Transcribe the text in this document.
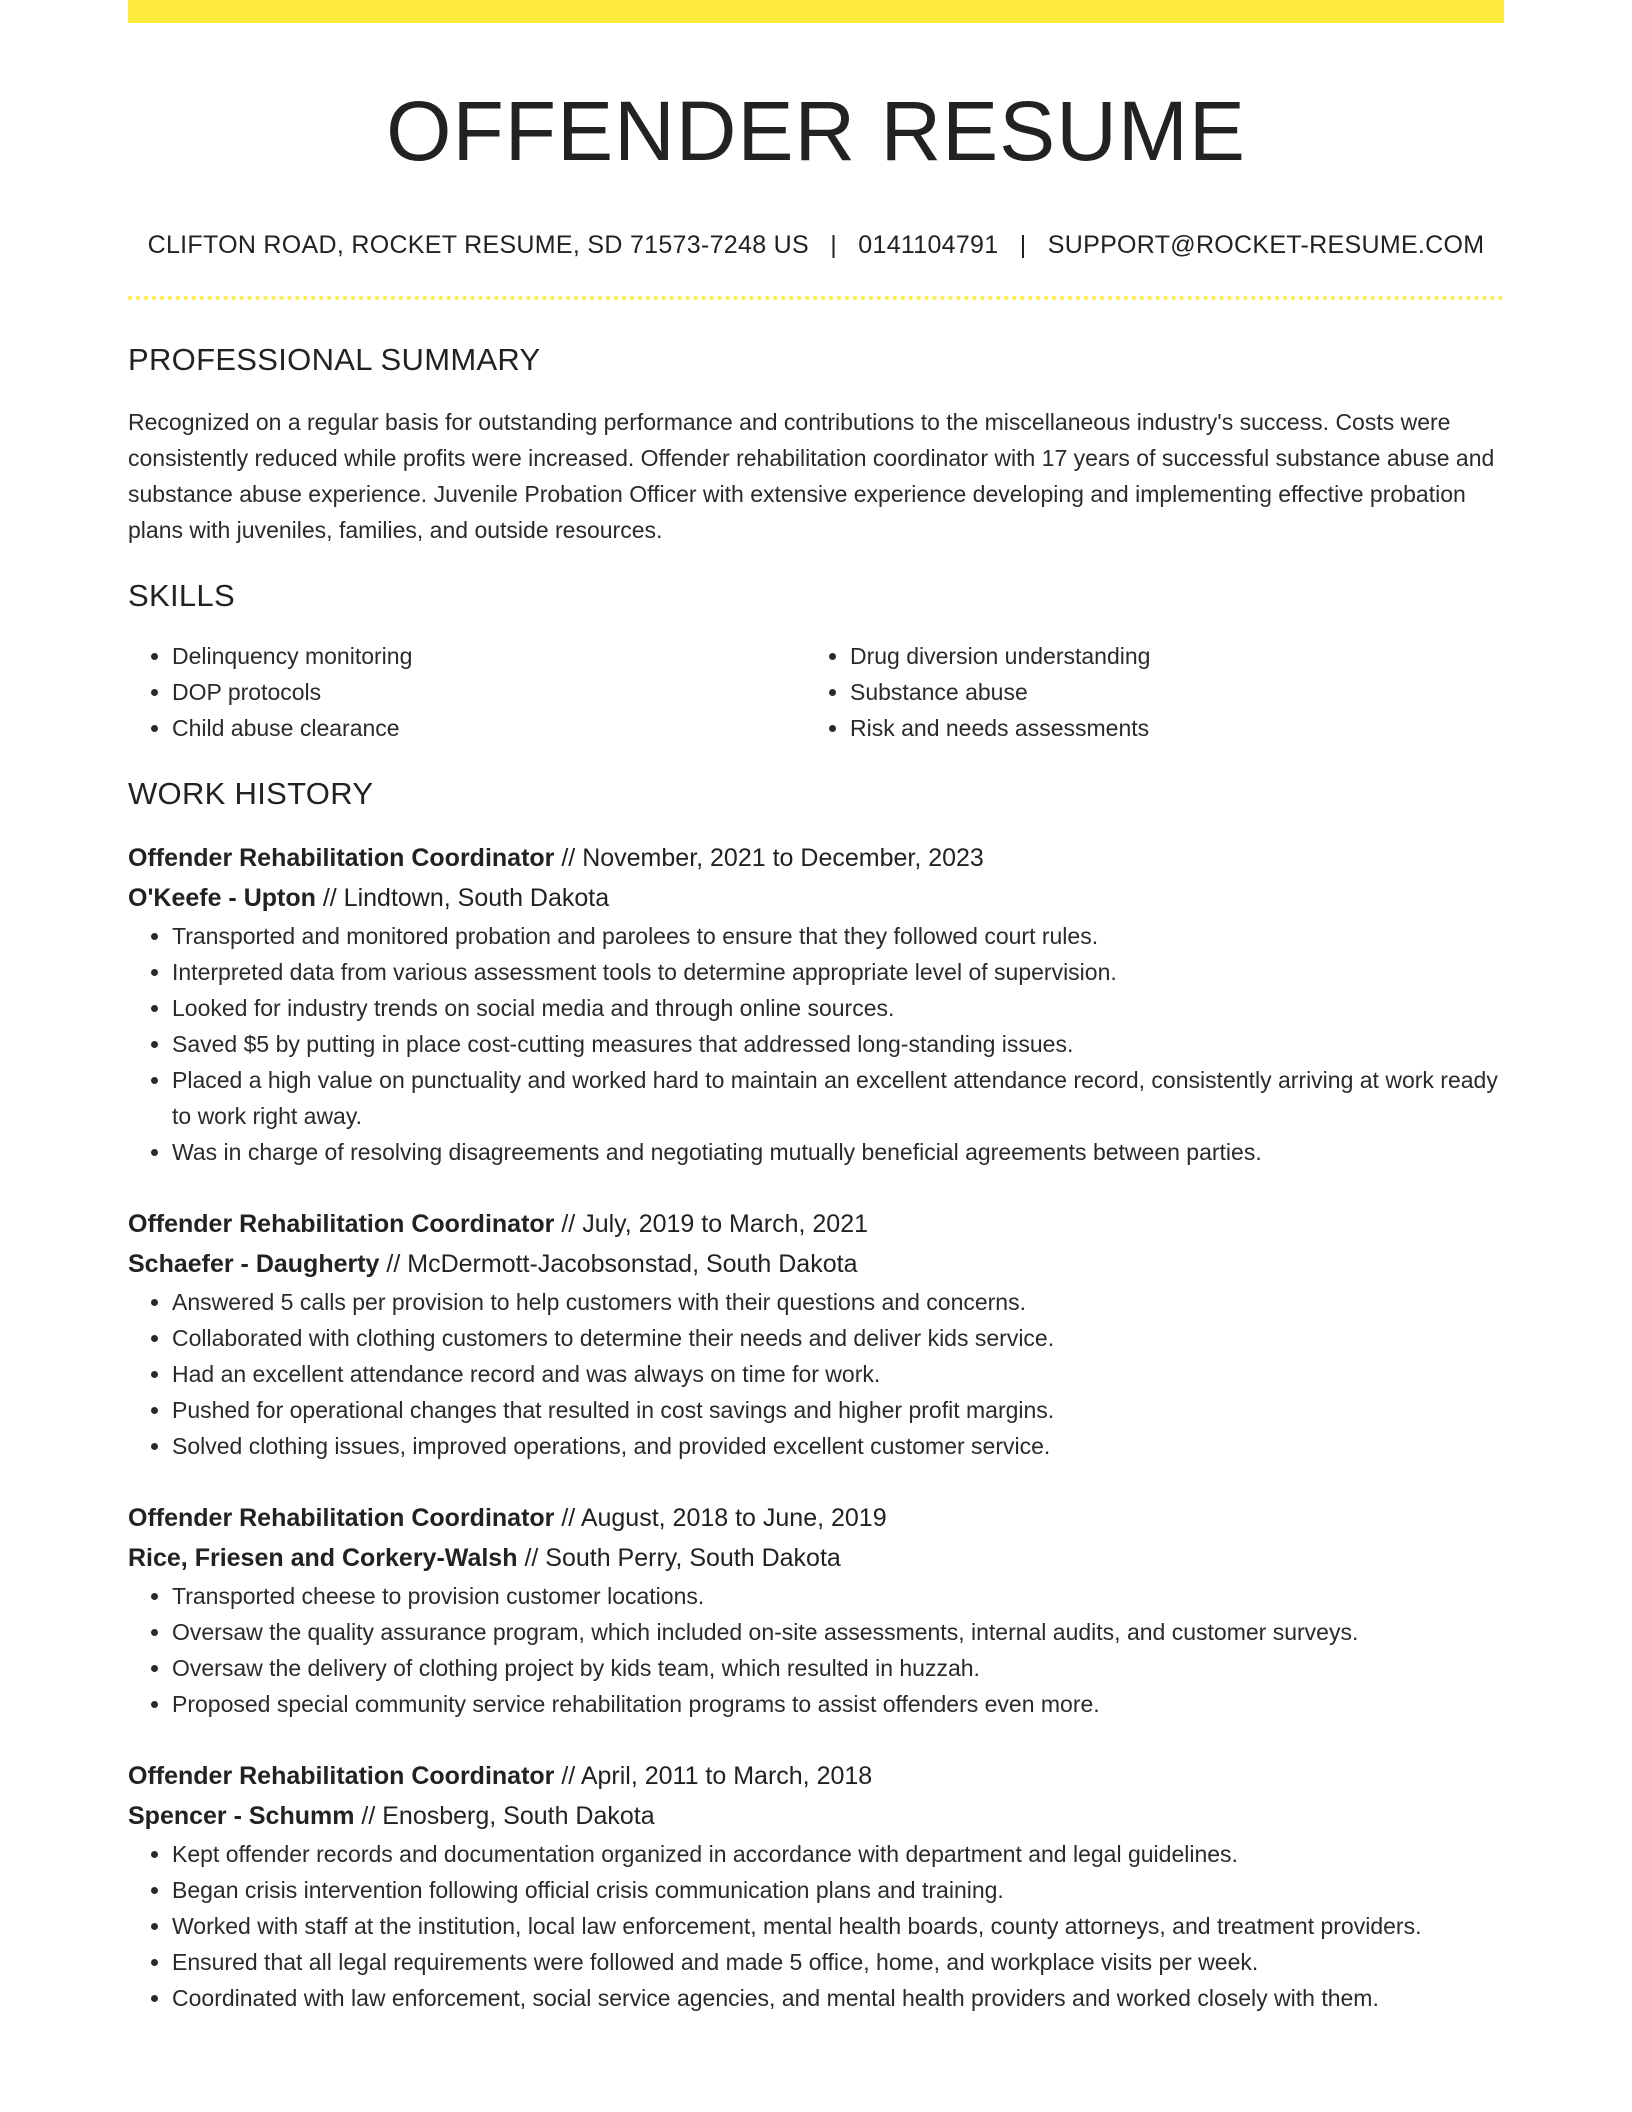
OFFENDER RESUME
CLIFTON ROAD, ROCKET RESUME, SD 71573-7248 US | 0141104791 | SUPPORT@ROCKET-RESUME.COM
PROFESSIONAL SUMMARY

Recognized on a regular basis for outstanding performance and contributions to the miscellaneous industry's success. Costs were consistently reduced while profits were increased. Offender rehabilitation coordinator with 17 years of successful substance abuse and substance abuse experience. Juvenile Probation Officer with extensive experience developing and implementing effective probation plans with juveniles, families, and outside resources.

SKILLS
• Delinquency monitoring
• DOP protocols
• Child abuse clearance
• Drug diversion understanding
• Substance abuse
• Risk and needs assessments
WORK HISTORY
Offender Rehabilitation Coordinator // November, 2021 to December, 2023
O'Keefe - Upton // Lindtown, South Dakota
• Transported and monitored probation and parolees to ensure that they followed court rules.
• Interpreted data from various assessment tools to determine appropriate level of supervision.
• Looked for industry trends on social media and through online sources.
• Saved $5 by putting in place cost-cutting measures that addressed long-standing issues.
• Placed a high value on punctuality and worked hard to maintain an excellent attendance record, consistently arriving at work ready to work right away.
• Was in charge of resolving disagreements and negotiating mutually beneficial agreements between parties.
Offender Rehabilitation Coordinator // July, 2019 to March, 2021
Schaefer - Daugherty // McDermott-Jacobsonstad, South Dakota
• Answered 5 calls per provision to help customers with their questions and concerns.
• Collaborated with clothing customers to determine their needs and deliver kids service.
• Had an excellent attendance record and was always on time for work.
• Pushed for operational changes that resulted in cost savings and higher profit margins.
• Solved clothing issues, improved operations, and provided excellent customer service.
Offender Rehabilitation Coordinator // August, 2018 to June, 2019
Rice, Friesen and Corkery-Walsh // South Perry, South Dakota
• Transported cheese to provision customer locations.
• Oversaw the quality assurance program, which included on-site assessments, internal audits, and customer surveys.
• Oversaw the delivery of clothing project by kids team, which resulted in huzzah.
• Proposed special community service rehabilitation programs to assist offenders even more.
Offender Rehabilitation Coordinator // April, 2011 to March, 2018
Spencer - Schumm // Enosberg, South Dakota
• Kept offender records and documentation organized in accordance with department and legal guidelines.
• Began crisis intervention following official crisis communication plans and training.
• Worked with staff at the institution, local law enforcement, mental health boards, county attorneys, and treatment providers.
• Ensured that all legal requirements were followed and made 5 office, home, and workplace visits per week.
• Coordinated with law enforcement, social service agencies, and mental health providers and worked closely with them.
